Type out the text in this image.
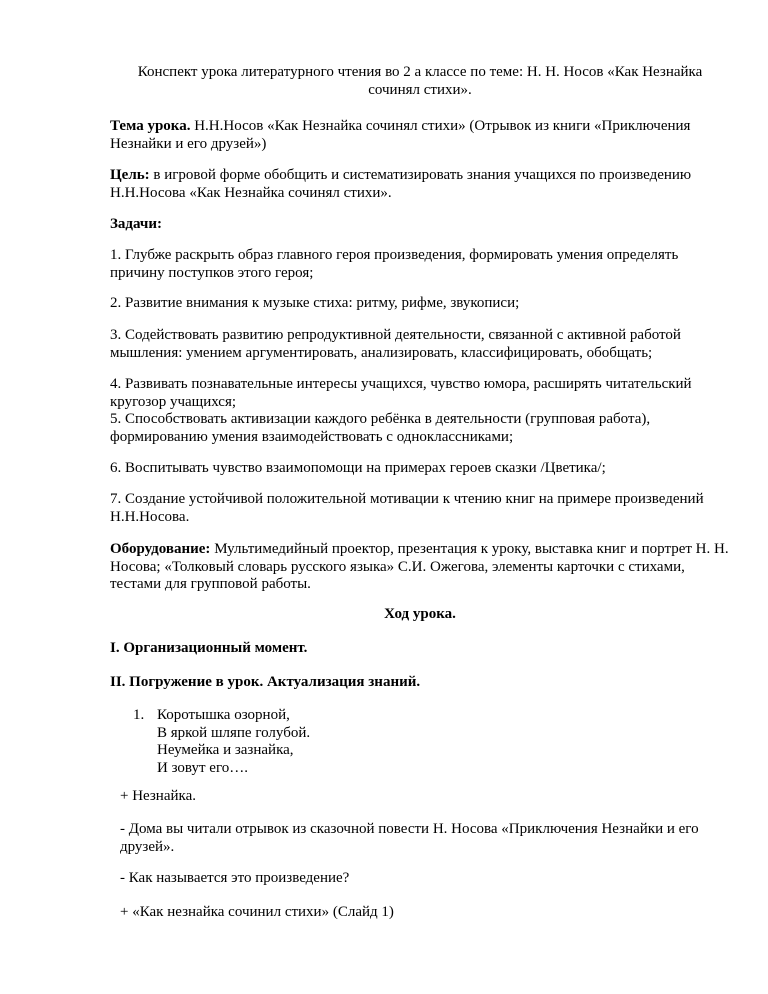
Конспект урока литературного чтения во 2 а классе по теме: Н. Н. Носов «Как Незнайка
сочинял стихи».

Тема урока. Н.Н.Носов «Как Незнайка сочинял стихи» (Отрывок из книги «Приключения Незнайки и его друзей»)

Цель: в игровой форме обобщить и систематизировать знания учащихся по произведению Н.Н.Носова «Как Незнайка сочинял стихи».

Задачи:

1. Глубже раскрыть образ главного героя произведения, формировать умения определять причину поступков этого героя;

2. Развитие внимания к музыке стиха: ритму, рифме, звукописи;

3. Содействовать развитию репродуктивной деятельности, связанной с активной работой мышления: умением аргументировать, анализировать, классифицировать, обобщать;

4. Развивать познавательные интересы учащихся, чувство юмора, расширять читательский кругозор учащихся;

5. Способствовать активизации каждого ребёнка в деятельности (групповая работа), формированию умения взаимодействовать с одноклассниками;

6. Воспитывать чувство взаимопомощи на примерах героев сказки /Цветика/;

7. Создание устойчивой положительной мотивации к чтению книг на примере произведений Н.Н.Носова.

Оборудование: Мультимедийный проектор, презентация к уроку, выставка книг и портрет Н. Н. Носова; «Толковый словарь русского языка» С.И. Ожегова, элементы карточки с стихами, тестами для групповой работы.

Ход урока.

I. Организационный момент.

II. Погружение в урок. Актуализация знаний.

1. Коротышка озорной,
В яркой шляпе голубой.
Неумейка и зазнайка,
И зовут его….

+ Незнайка.

- Дома вы читали отрывок из сказочной повести Н. Носова «Приключения Незнайки и его друзей».

- Как называется это произведение?

+ «Как незнайка сочинил стихи» (Слайд 1)
